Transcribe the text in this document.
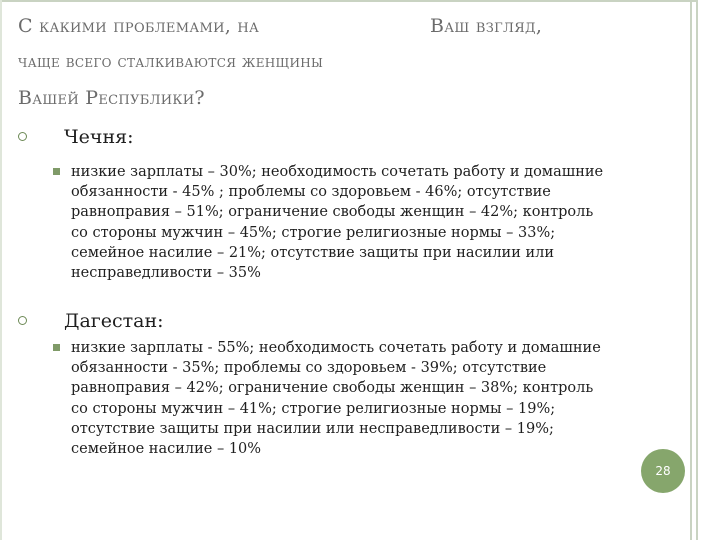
С какими проблемами, на	Ваш взгляд,
чаще всего сталкиваются женщины
Вашей Республики?
Чечня:
низкие зарплаты – 30%; необходимость сочетать работу и домашние обязанности - 45% ; проблемы со здоровьем - 46%; отсутствие равноправия – 51%; ограничение свободы женщин – 42%; контроль со стороны мужчин – 45%; строгие религиозные нормы – 33%; семейное насилие – 21%; отсутствие защиты при насилии или несправедливости – 35%
Дагестан:
низкие зарплаты - 55%; необходимость сочетать работу и домашние обязанности - 35%; проблемы со здоровьем - 39%; отсутствие равноправия – 42%; ограничение свободы женщин – 38%; контроль со стороны мужчин – 41%; строгие религиозные нормы – 19%; отсутствие защиты при насилии или несправедливости – 19%; семейное насилие – 10%
28
